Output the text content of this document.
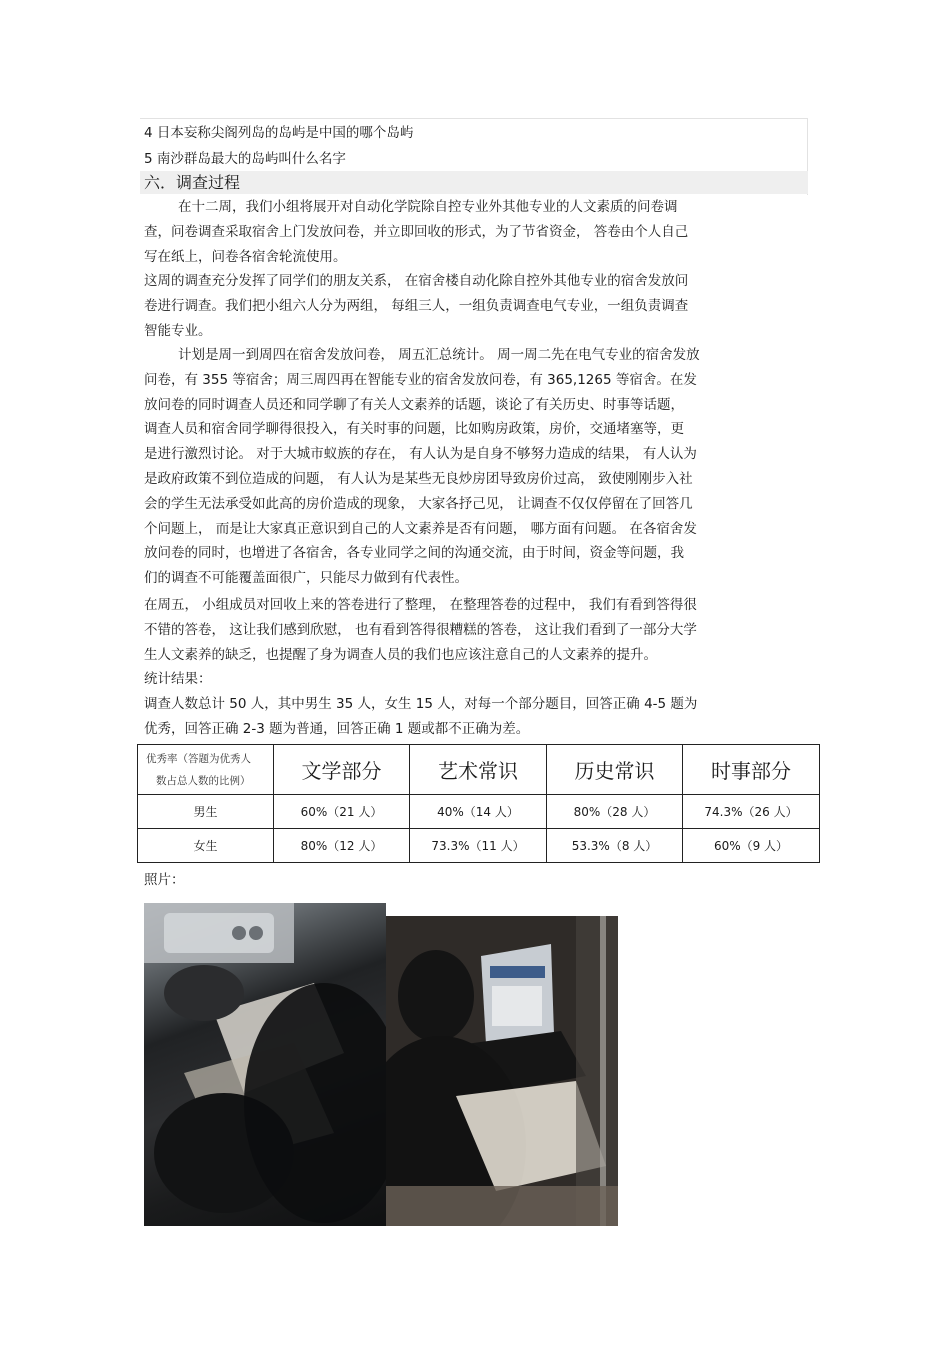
4 日本妄称尖阁列岛的岛屿是中国的哪个岛屿
5 南沙群岛最大的岛屿叫什么名字
六．调查过程
在十二周，我们小组将展开对自动化学院除自控专业外其他专业的人文素质的问卷调
查，问卷调查采取宿舍上门发放问卷，并立即回收的形式，为了节省资金， 答卷由个人自己
写在纸上，问卷各宿舍轮流使用。
这周的调查充分发挥了同学们的朋友关系， 在宿舍楼自动化除自控外其他专业的宿舍发放问
卷进行调查。我们把小组六人分为两组， 每组三人，一组负责调查电气专业，一组负责调查
智能专业。
计划是周一到周四在宿舍发放问卷， 周五汇总统计。 周一周二先在电气专业的宿舍发放
问卷，有 355 等宿舍；周三周四再在智能专业的宿舍发放问卷，有 365,1265 等宿舍。在发
放问卷的同时调查人员还和同学聊了有关人文素养的话题，谈论了有关历史、时事等话题，
调查人员和宿舍同学聊得很投入，有关时事的问题，比如购房政策，房价，交通堵塞等，更
是进行激烈讨论。 对于大城市蚁族的存在， 有人认为是自身不够努力造成的结果， 有人认为
是政府政策不到位造成的问题， 有人认为是某些无良炒房团导致房价过高， 致使刚刚步入社
会的学生无法承受如此高的房价造成的现象， 大家各抒己见， 让调查不仅仅停留在了回答几
个问题上， 而是让大家真正意识到自己的人文素养是否有问题， 哪方面有问题。 在各宿舍发
放问卷的同时，也增进了各宿舍，各专业同学之间的沟通交流，由于时间，资金等问题，我
们的调查不可能覆盖面很广，只能尽力做到有代表性。
在周五， 小组成员对回收上来的答卷进行了整理， 在整理答卷的过程中， 我们有看到答得很
不错的答卷， 这让我们感到欣慰， 也有看到答得很糟糕的答卷， 这让我们看到了一部分大学
生人文素养的缺乏，也提醒了身为调查人员的我们也应该注意自己的人文素养的提升。
统计结果：
调查人数总计 50 人，其中男生 35 人，女生 15 人，对每一个部分题目，回答正确 4-5 题为
优秀，回答正确 2-3 题为普通，回答正确 1 题或都不正确为差。
优秀率（答题为优秀人
数占总人数的比例）	文学部分	艺术常识	历史常识	时事部分
男生	60%（21 人）	40%（14 人）	80%（28 人）	74.3%（26 人）
女生	80%（12 人）	73.3%（11 人）	53.3%（8 人）	60%（9 人）
照片：
